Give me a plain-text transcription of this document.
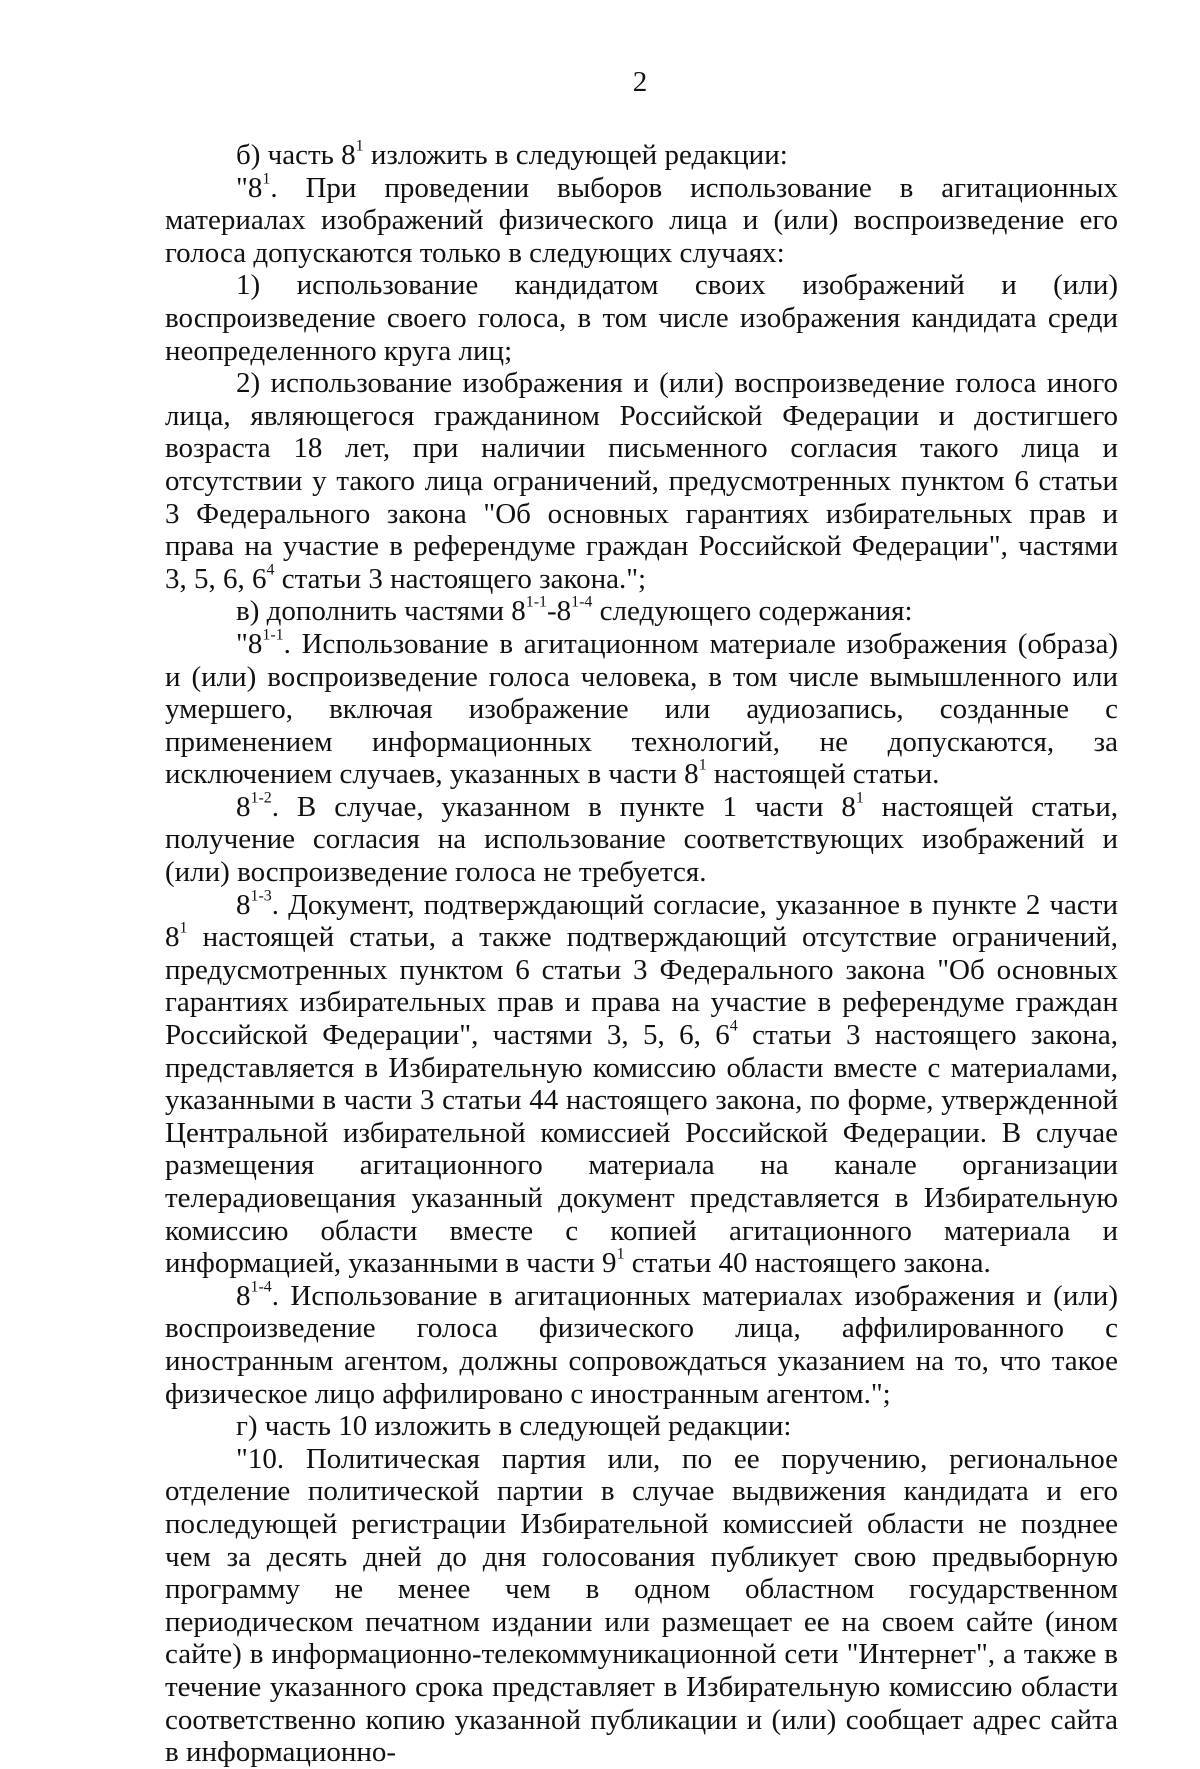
2

б) часть $8^1$ изложить в следующей редакции:

"$8^1$. При проведении выборов использование в агитационных материалах изображений физического лица и (или) воспроизведение его голоса допускаются только в следующих случаях:

1) использование кандидатом своих изображений и (или) воспроизведение своего голоса, в том числе изображения кандидата среди неопределенного круга лиц;

2) использование изображения и (или) воспроизведение голоса иного лица, являющегося гражданином Российской Федерации и достигшего возраста 18 лет, при наличии письменного согласия такого лица и отсутствии у такого лица ограничений, предусмотренных пунктом 6 статьи 3 Федерального закона "Об основных гарантиях избирательных прав и права на участие в референдуме граждан Российской Федерации", частями 3, 5, 6, $6^4$ статьи 3 настоящего закона.";

в) дополнить частями 8$^{1-1}$-8$^{1-4}$ следующего содержания:

"8$^{1-1}$. Использование в агитационном материале изображения (образа) и (или) воспроизведение голоса человека, в том числе вымышленного или умершего, включая изображение или аудиозапись, созданные с применением информационных технологий, не допускаются, за исключением случаев, указанных в части $8^1$ настоящей статьи.

8$^{1-2}$. В случае, указанном в пункте 1 части $8^1$ настоящей статьи, получение согласия на использование соответствующих изображений и (или) воспроизведение голоса не требуется.

8$^{1-3}$. Документ, подтверждающий согласие, указанное в пункте 2 части $8^1$ настоящей статьи, а также подтверждающий отсутствие ограничений, предусмотренных пунктом 6 статьи 3 Федерального закона "Об основных гарантиях избирательных прав и права на участие в референдуме граждан Российской Федерации", частями 3, 5, 6, $6^4$ статьи 3 настоящего закона, представляется в Избирательную комиссию области вместе с материалами, указанными в части 3 статьи 44 настоящего закона, по форме, утвержденной Центральной избирательной комиссией Российской Федерации. В случае размещения агитационного материала на канале организации телерадиовещания указанный документ представляется в Избирательную комиссию области вместе с копией агитационного материала и информацией, указанными в части $9^1$ статьи 40 настоящего закона.

8$^{1-4}$. Использование в агитационных материалах изображения и (или) воспроизведение голоса физического лица, аффилированного с иностранным агентом, должны сопровождаться указанием на то, что такое физическое лицо аффилировано с иностранным агентом.";

г) часть 10 изложить в следующей редакции:

"10. Политическая партия или, по ее поручению, региональное отделение политической партии в случае выдвижения кандидата и его последующей регистрации Избирательной комиссией области не позднее чем за десять дней до дня голосования публикует свою предвыборную программу не менее чем в одном областном государственном периодическом печатном издании или размещает ее на своем сайте (ином сайте) в информационно-телекоммуникационной сети "Интернет", а также в течение указанного срока представляет в Избирательную комиссию области соответственно копию указанной публикации и (или) сообщает адрес сайта в информационно-
